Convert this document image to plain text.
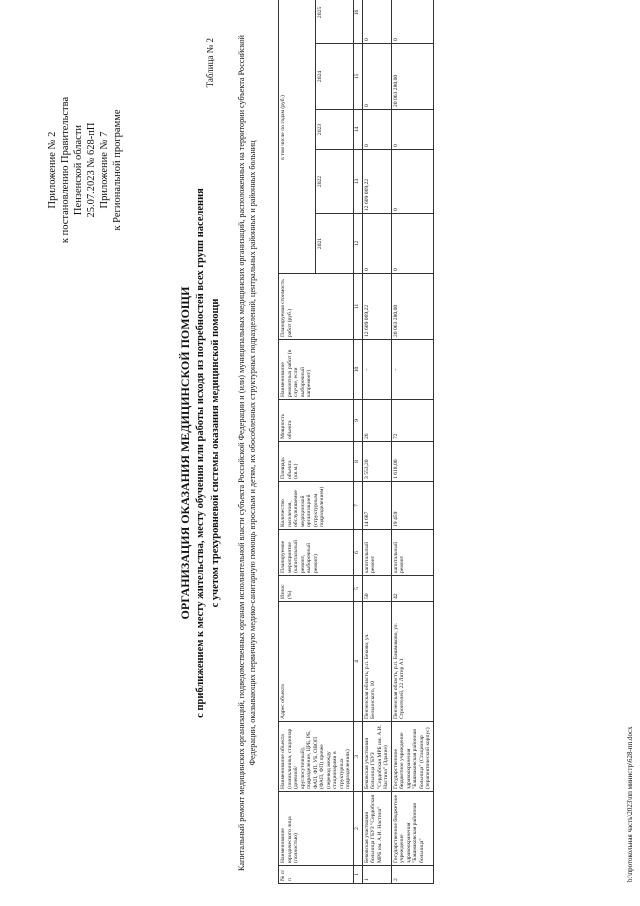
Приложение № 2 к постановлению Правительства Пензенской области 25.07.2023 № 628-пП Приложение № 7 к Региональной программе
Таблица № 2
ОРГАНИЗАЦИЯ ОКАЗАНИЯ МЕДИЦИНСКОЙ ПОМОЩИ с приближением к месту жительства, месту обучения или работы исходя из потребностей всех групп населения с учетом трехуровневой системы оказания медицинской помощи Капитальный ремонт медицинских организаций, подведомственных органам исполнительной власти субъекта Российской Федерации и (или) муниципальных медицинских организаций, расположенных на территории субъекта Российской Федерации, оказывающих первичную медико-санитарную помощь взрослым и детям, их обособленных структурных подразделений, центральных районных и районных больниц
№ п/п	Наименование юридического лица (полностью)	Наименование объекта (поликлиника, стационар (дневной/круглосуточный), подразделение, ЦРБ, РБ, ФАП, ФП, УБ, ОВОП (ФАП, ФП) прочее (перевод между стационарами в структурных подразделениях)	Адрес объекта	Износ (%)	Планируемое мероприятие (капитальный ремонт, выборочный ремонт)	Количество населения, обслуживаемое медицинской организацией (структурным подразделением)	Площадь объекта (кв.м.)	Мощность объекта	Наименование ремонтных работ (в случае, если выборочный капремонт)	Планируемая стоимость работ (руб.)	в том числе по годам (руб.)				
											2021	2022	2023	2024	2025
1	2	3	4	5	6	7	8	9	10	11	12	13	14	15	16
1	Бековская участковая больница ГБУЗ "Сердобская МРБ им. А.И. Настина"	Бековская участковая больница ГБУЗ "Сердобская МРБ им. А.И. Настина" (Здание)	Пензенская область, р.п. Беково, ул. Бельинского, 10	50	капитальный ремонт	14 687	3 553,20	26	-	12 609 069,22	0	12 609 069,22	0	0	0
2	Государственное бюджетное учреждение здравоохранения "Башмаковская районная больница"	Государственное бюджетное учреждение здравоохранения "Башмаковская районная больница" (Стационар (терапевтический корпус)	Пензенская область, р.п. Башмаково, ул. Строителей, 22 Литер А1	42	капитальный ремонт	19 459	1 618,00	72	-	20 063 280,00	0	0	0	20 063 280,00	0
b:\протокольная часть\2023\пп министр\628-пп.docx
